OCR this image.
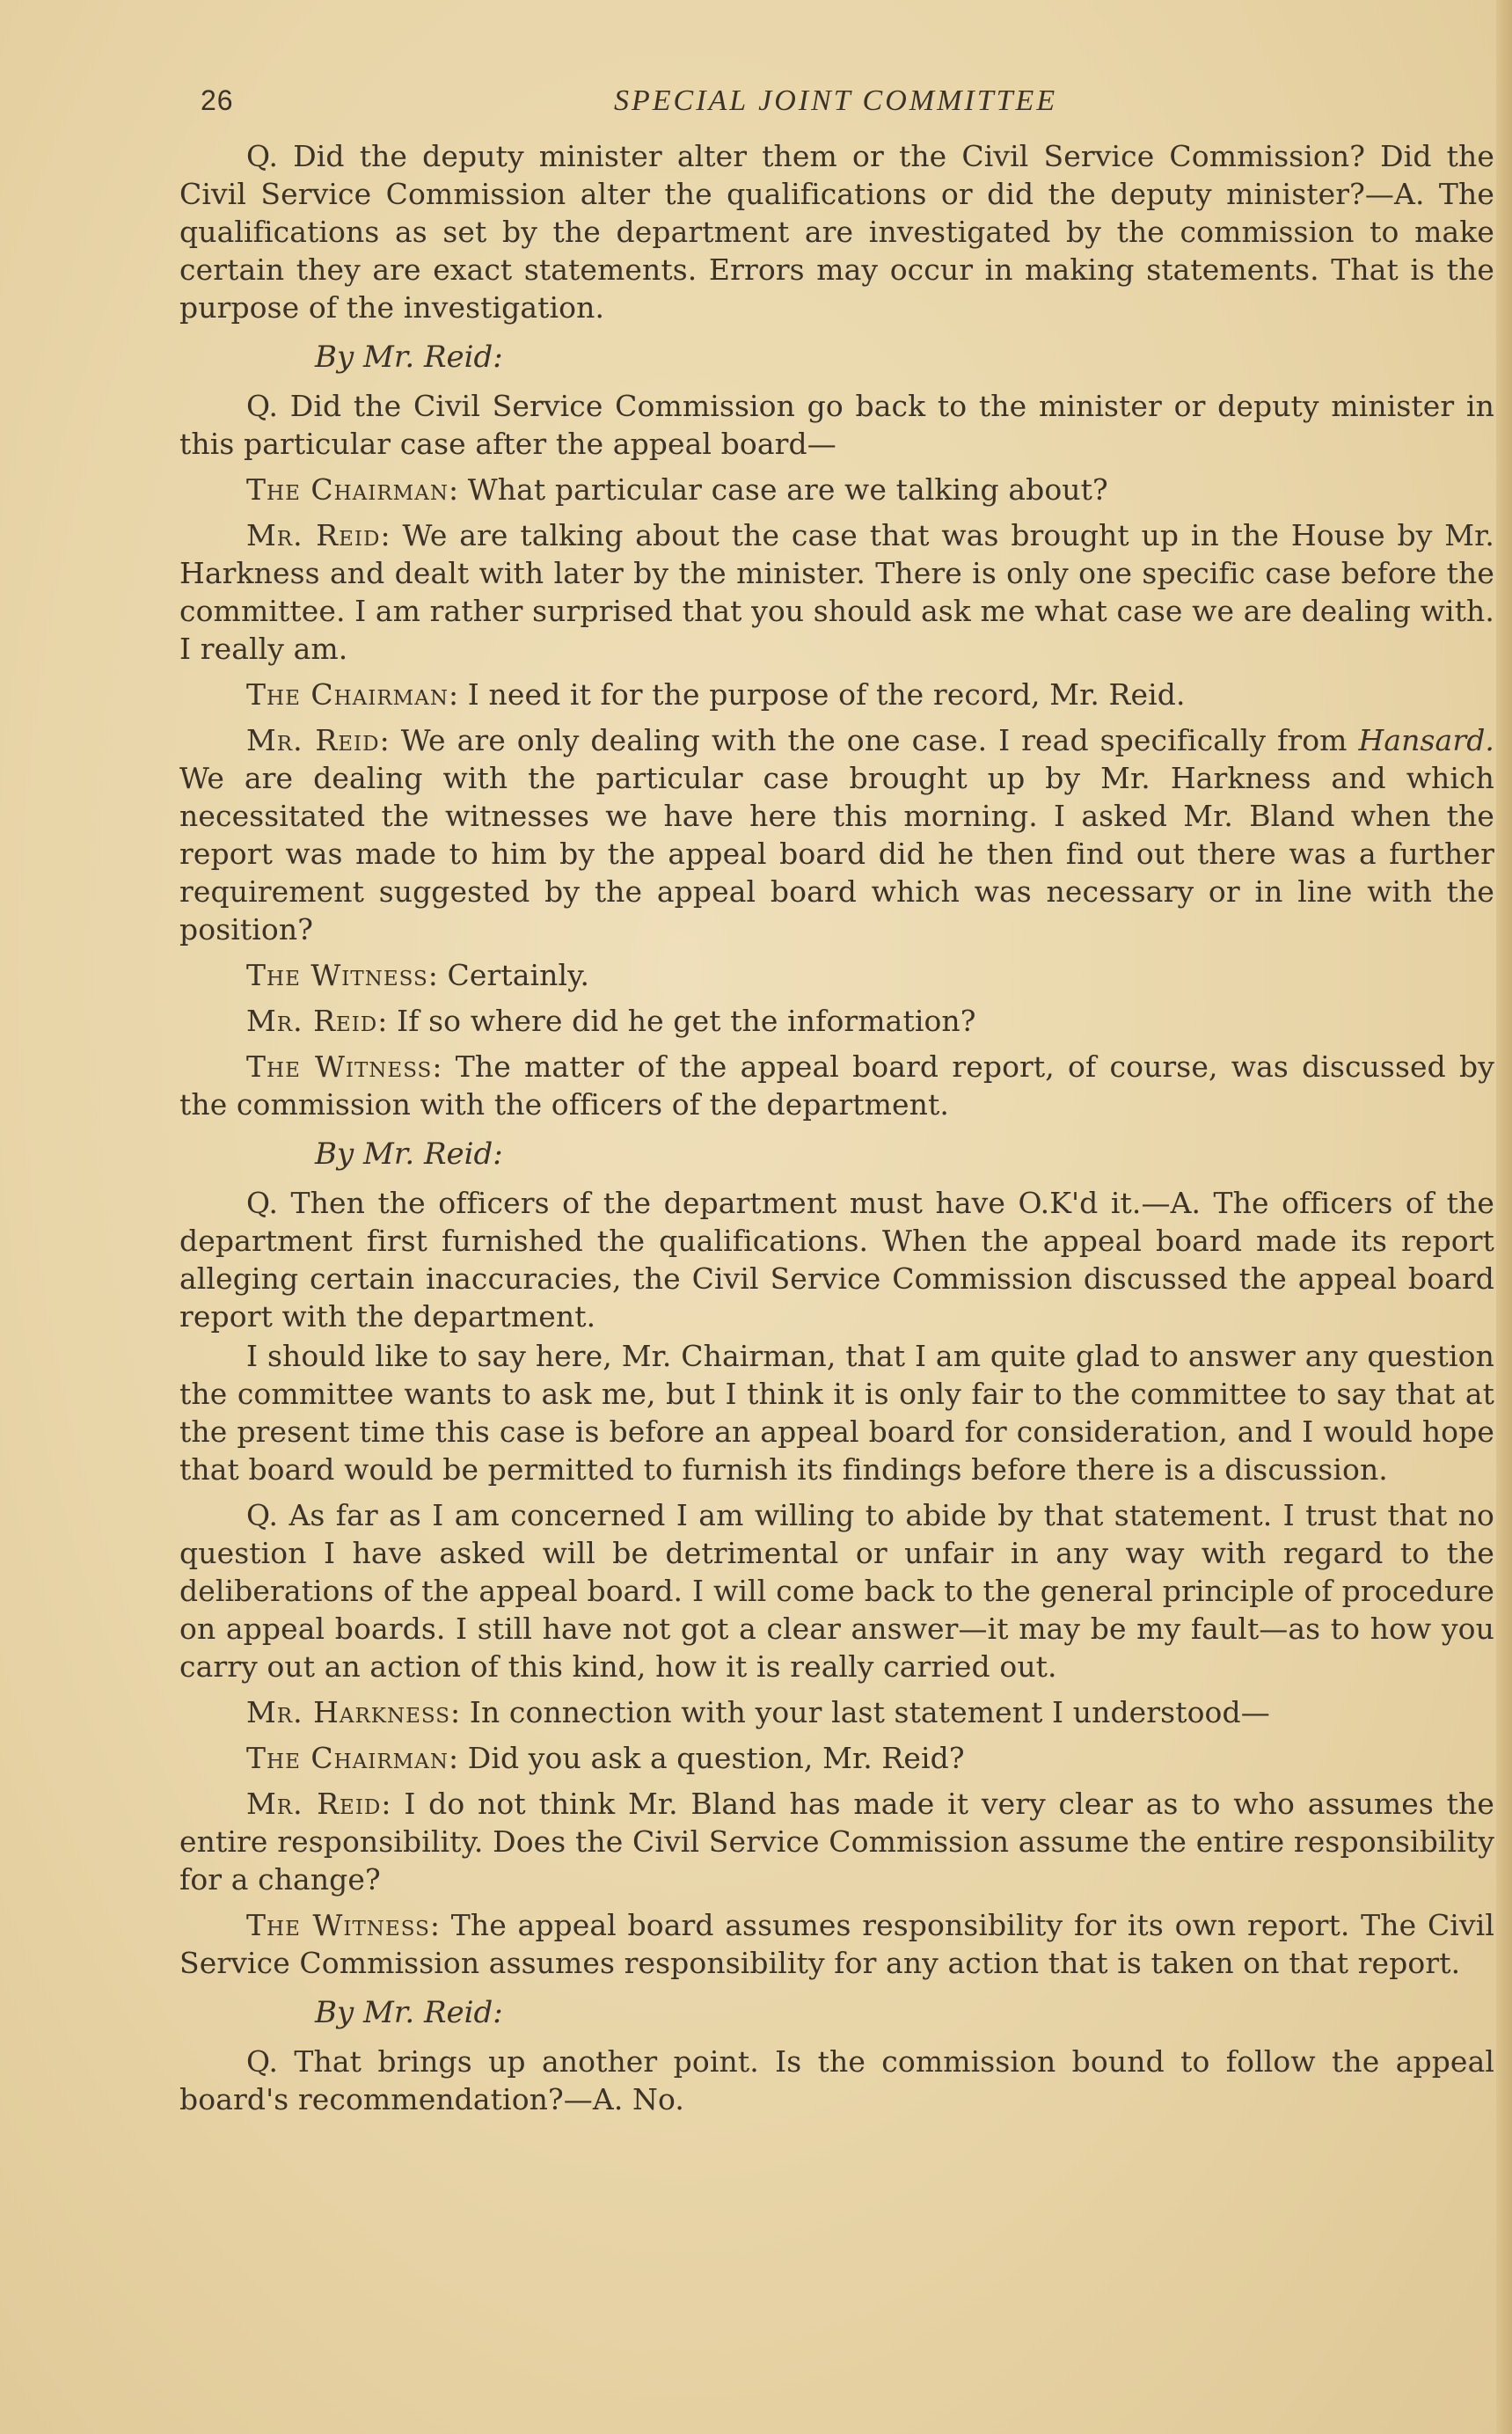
26	SPECIAL JOINT COMMITTEE

Q. Did the deputy minister alter them or the Civil Service Commission? Did the Civil Service Commission alter the qualifications or did the deputy minister?—A. The qualifications as set by the department are investigated by the commission to make certain they are exact statements. Errors may occur in making statements. That is the purpose of the investigation.

By Mr. Reid:

Q. Did the Civil Service Commission go back to the minister or deputy minister in this particular case after the appeal board—

The Chairman: What particular case are we talking about?

Mr. Reid: We are talking about the case that was brought up in the House by Mr. Harkness and dealt with later by the minister. There is only one specific case before the committee. I am rather surprised that you should ask me what case we are dealing with. I really am.

The Chairman: I need it for the purpose of the record, Mr. Reid.

Mr. Reid: We are only dealing with the one case. I read specifically from Hansard. We are dealing with the particular case brought up by Mr. Harkness and which necessitated the witnesses we have here this morning. I asked Mr. Bland when the report was made to him by the appeal board did he then find out there was a further requirement suggested by the appeal board which was necessary or in line with the position?

The Witness: Certainly.

Mr. Reid: If so where did he get the information?

The Witness: The matter of the appeal board report, of course, was discussed by the commission with the officers of the department.

By Mr. Reid:

Q. Then the officers of the department must have O.K'd it.—A. The officers of the department first furnished the qualifications. When the appeal board made its report alleging certain inaccuracies, the Civil Service Commission discussed the appeal board report with the department.

I should like to say here, Mr. Chairman, that I am quite glad to answer any question the committee wants to ask me, but I think it is only fair to the committee to say that at the present time this case is before an appeal board for consideration, and I would hope that board would be permitted to furnish its findings before there is a discussion.

Q. As far as I am concerned I am willing to abide by that statement. I trust that no question I have asked will be detrimental or unfair in any way with regard to the deliberations of the appeal board. I will come back to the general principle of procedure on appeal boards. I still have not got a clear answer—it may be my fault—as to how you carry out an action of this kind, how it is really carried out.

Mr. Harkness: In connection with your last statement I understood—

The Chairman: Did you ask a question, Mr. Reid?

Mr. Reid: I do not think Mr. Bland has made it very clear as to who assumes the entire responsibility. Does the Civil Service Commission assume the entire responsibility for a change?

The Witness: The appeal board assumes responsibility for its own report. The Civil Service Commission assumes responsibility for any action that is taken on that report.

By Mr. Reid:

Q. That brings up another point. Is the commission bound to follow the appeal board's recommendation?—A. No.
